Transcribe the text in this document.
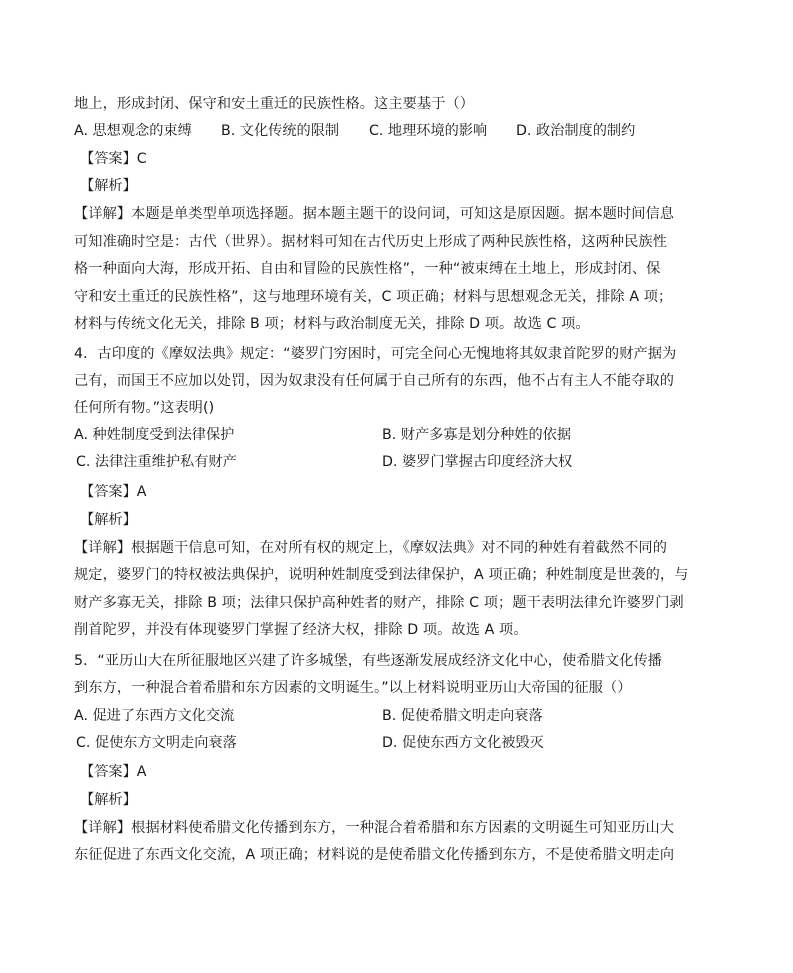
地上，形成封闭、保守和安土重迁的民族性格。这主要基于（）
A. 思想观念的束缚 B. 文化传统的限制 C. 地理环境的影响 D. 政治制度的制约
【答案】C
【解析】
【详解】本题是单类型单项选择题。据本题主题干的设问词，可知这是原因题。据本题时间信息
可知准确时空是：古代（世界）。据材料可知在古代历史上形成了两种民族性格，这两种民族性
格一种面向大海，形成开拓、自由和冒险的民族性格”，一种“被束缚在土地上，形成封闭、保
守和安土重迁的民族性格”，这与地理环境有关，C 项正确；材料与思想观念无关，排除 A 项；
材料与传统文化无关，排除 B 项；材料与政治制度无关，排除 D 项。故选 C 项。
4．古印度的《摩奴法典》规定：“婆罗门穷困时，可完全问心无愧地将其奴隶首陀罗的财产据为
己有，而国王不应加以处罚，因为奴隶没有任何属于自己所有的东西，他不占有主人不能夺取的
任何所有物。”这表明()
A. 种姓制度受到法律保护	B. 财产多寡是划分种姓的依据
C. 法律注重维护私有财产	D. 婆罗门掌握古印度经济大权
【答案】A
【解析】
【详解】根据题干信息可知，在对所有权的规定上，《摩奴法典》对不同的种姓有着截然不同的
规定，婆罗门的特权被法典保护，说明种姓制度受到法律保护，A 项正确；种姓制度是世袭的，与
财产多寡无关，排除 B 项；法律只保护高种姓者的财产，排除 C 项；题干表明法律允许婆罗门剥
削首陀罗，并没有体现婆罗门掌握了经济大权，排除 D 项。故选 A 项。
5．“亚历山大在所征服地区兴建了许多城堡，有些逐渐发展成经济文化中心，使希腊文化传播
到东方，一种混合着希腊和东方因素的文明诞生。”以上材料说明亚历山大帝国的征服（）
A. 促进了东西方文化交流	B. 促使希腊文明走向衰落
C. 促使东方文明走向衰落	D. 促使东西方文化被毁灭
【答案】A
【解析】
【详解】根据材料使希腊文化传播到东方，一种混合着希腊和东方因素的文明诞生可知亚历山大
东征促进了东西文化交流，A 项正确；材料说的是使希腊文化传播到东方，不是使希腊文明走向
